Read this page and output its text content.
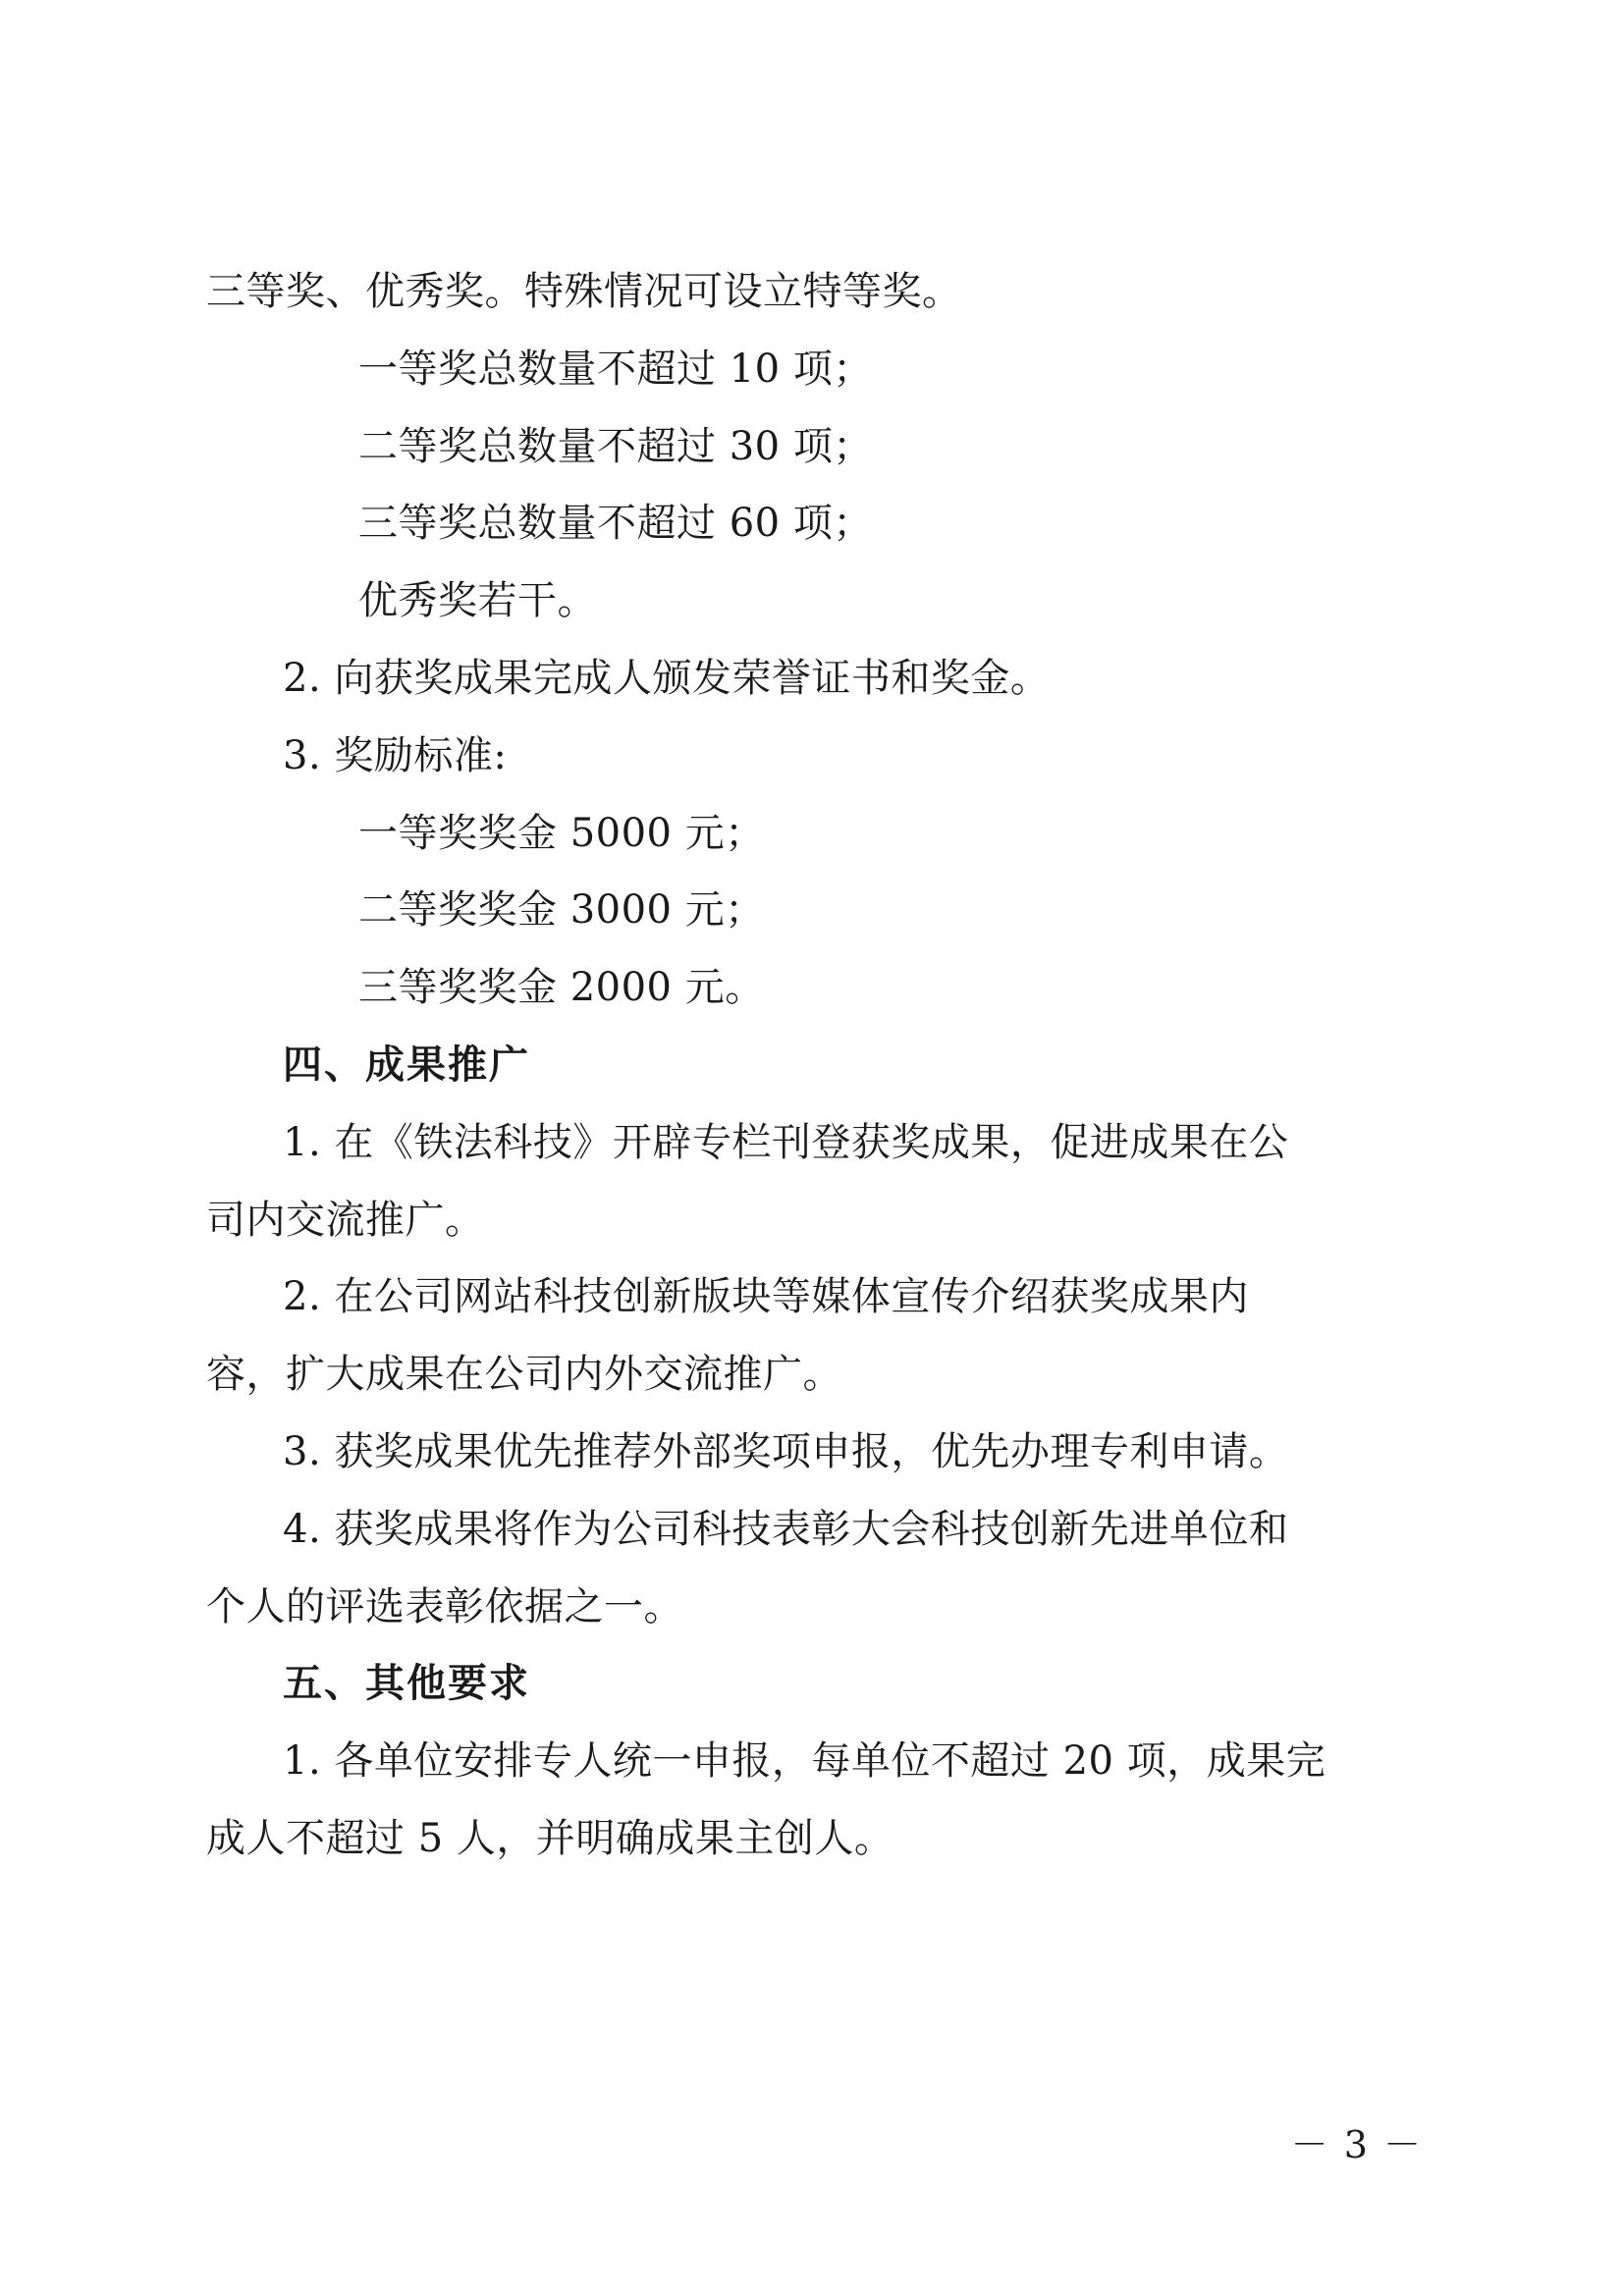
三等奖、优秀奖。特殊情况可设立特等奖。

一等奖总数量不超过 10 项；

二等奖总数量不超过 30 项；

三等奖总数量不超过 60 项；

优秀奖若干。

2. 向获奖成果完成人颁发荣誉证书和奖金。

3. 奖励标准:

一等奖奖金 5000 元；

二等奖奖金 3000 元；

三等奖奖金 2000 元。

四、成果推广

1. 在《铁法科技》开辟专栏刊登获奖成果，促进成果在公

司内交流推广。

2. 在公司网站科技创新版块等媒体宣传介绍获奖成果内

容，扩大成果在公司内外交流推广。

3. 获奖成果优先推荐外部奖项申报，优先办理专利申请。

4. 获奖成果将作为公司科技表彰大会科技创新先进单位和

个人的评选表彰依据之一。

五、其他要求

1. 各单位安排专人统一申报，每单位不超过 20 项，成果完

成人不超过 5 人，并明确成果主创人。

－ 3 －
